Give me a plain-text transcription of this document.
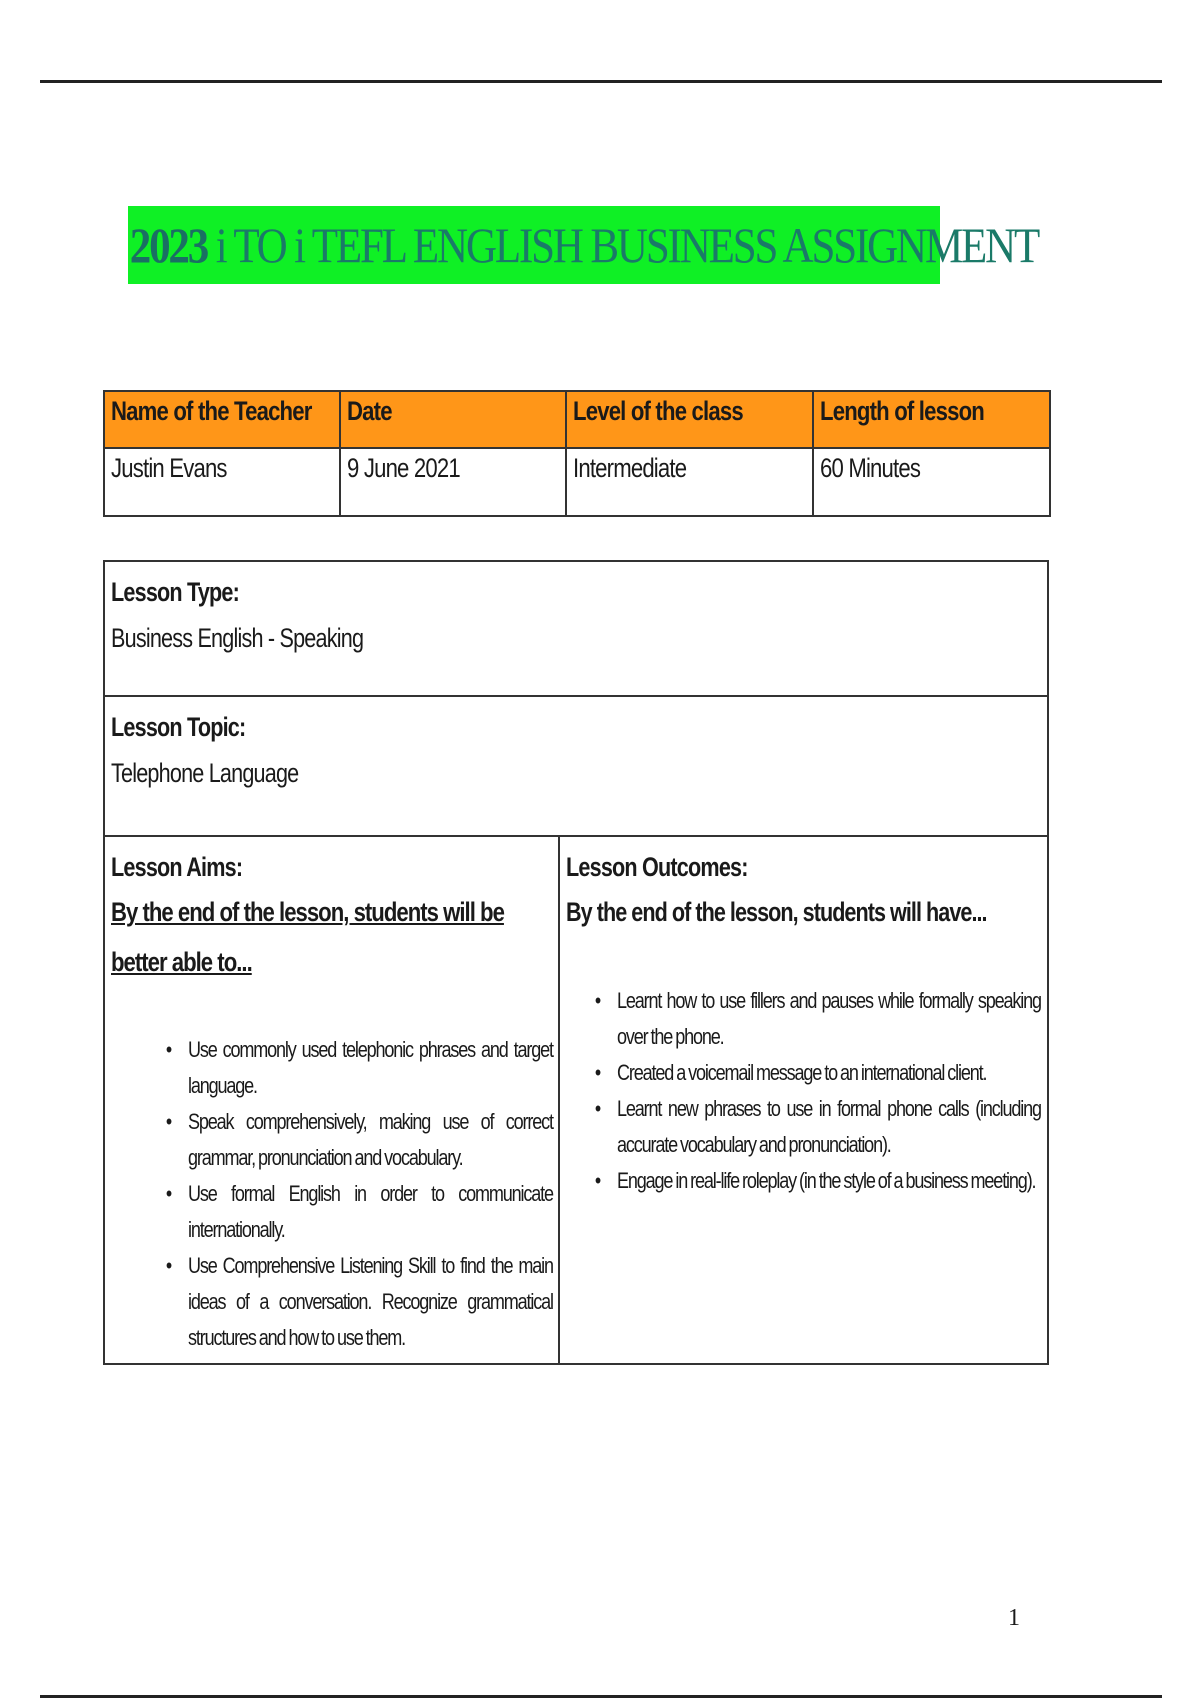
2023 i TO i TEFL ENGLISH BUSINESS ASSIGNMENT
Name of the Teacher	Date	Level of the class	Length of lesson
Justin Evans	9 June 2021	Intermediate	60 Minutes
Lesson Type:
Business English - Speaking
Lesson Topic:
Telephone Language
Lesson Aims:
By the end of the lesson, students will be better able to...
• Use commonly used telephonic phrases and target language.
• Speak comprehensively, making use of correct grammar, pronunciation and vocabulary.
• Use formal English in order to communicate internationally.
• Use Comprehensive Listening Skill to find the main ideas of a conversation. Recognize grammatical structures and how to use them.
Lesson Outcomes:
By the end of the lesson, students will have...
• Learnt how to use fillers and pauses while formally speaking over the phone.
• Created a voicemail message to an international client.
• Learnt new phrases to use in formal phone calls (including accurate vocabulary and pronunciation).
• Engage in real-life roleplay (in the style of a business meeting).
1
